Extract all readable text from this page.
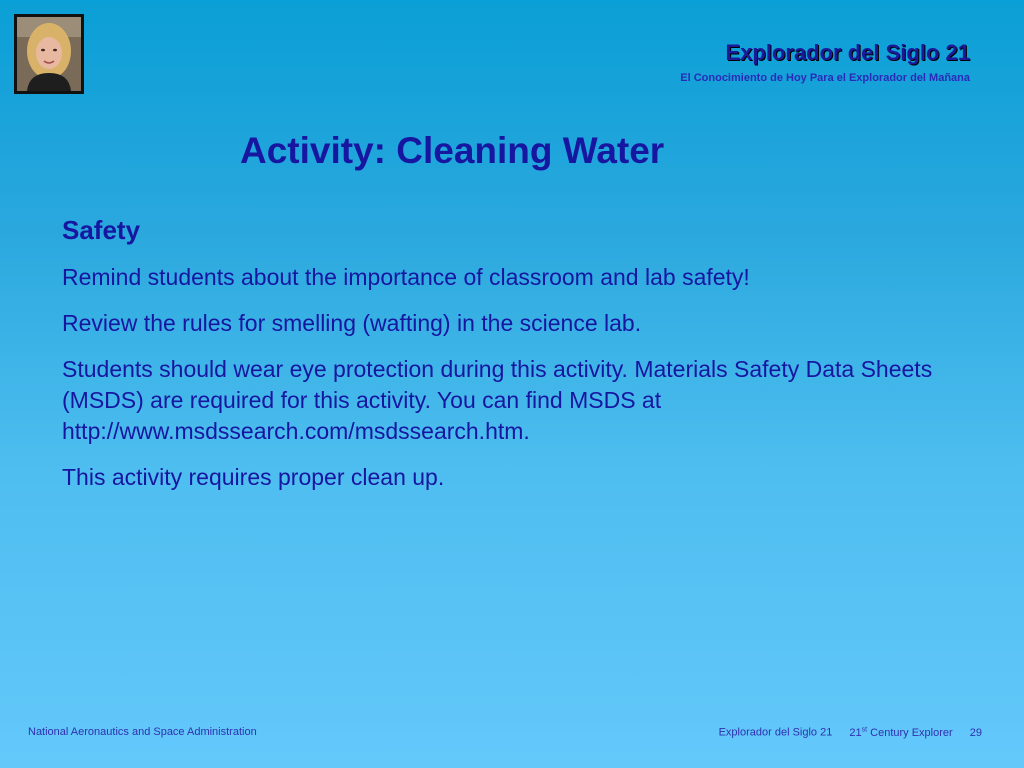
Explorador del Siglo 21
El Conocimiento de Hoy Para el Explorador del Mañana
Activity: Cleaning Water

Safety

Remind students about the importance of classroom and lab safety!

Review the rules for smelling (wafting) in the science lab.

Students should wear eye protection during this activity. Materials Safety Data Sheets (MSDS) are required for this activity. You can find MSDS at http://www.msdssearch.com/msdssearch.htm.

This activity requires proper clean up.

National Aeronautics and Space Administration	Explorador del Siglo 21 21st Century Explorer 29
